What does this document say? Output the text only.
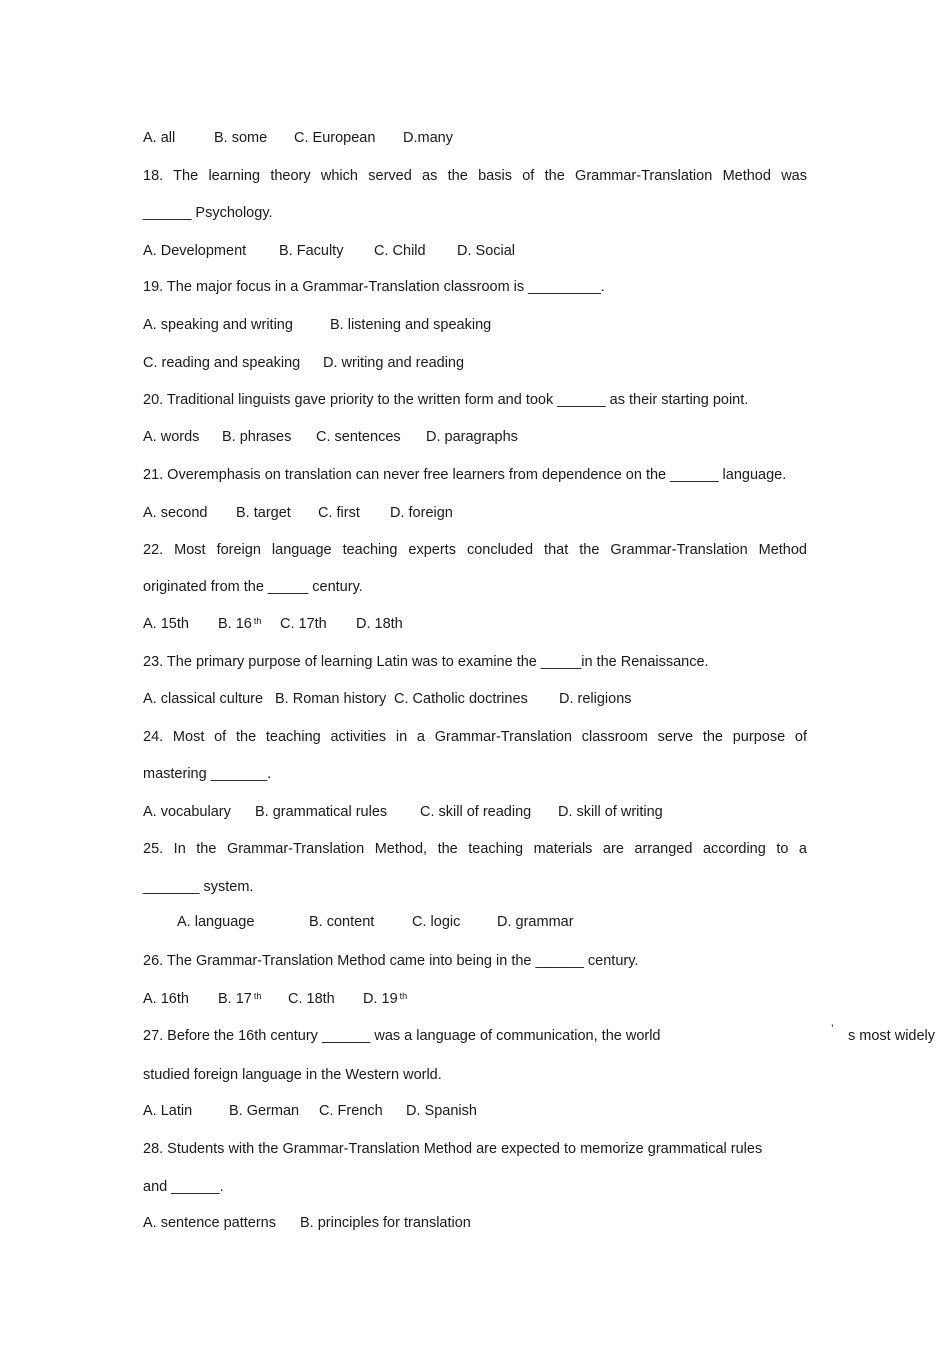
A. all	B. some C. European D.many
18. The learning theory which served as the basis of the Grammar-Translation Method was
______ Psychology.
A. Development B. Faculty C. Child D. Social
19. The major focus in a Grammar-Translation classroom is _________.
A. speaking and writing	B. listening and speaking
C. reading and speaking D. writing and reading
20. Traditional linguists gave priority to the written form and took ______ as their starting point.
A. words B. phrases C. sentences D. paragraphs
21. Overemphasis on translation can never free learners from dependence on the ______ language.
A. second B. target C. first D. foreign
22. Most foreign language teaching experts concluded that the Grammar-Translation Method
originated from the _____ century.
A. 15th B. 16 $^{th}$ C. 17th D. 18th
23. The primary purpose of learning Latin was to examine the _____in the Renaissance.
A. classical culture B. Roman history C. Catholic doctrines D. religions
24. Most of the teaching activities in a Grammar-Translation classroom serve the purpose of
mastering _______.
A. vocabulary B. grammatical rules C. skill of reading D. skill of writing
25. In the Grammar-Translation Method, the teaching materials are arranged according to a
_______ system.
A. language	B. content	C. logic	D. grammar
26. The Grammar-Translation Method came into being in the ______ century.
A. 16th B. 17 $^{th}$ C. 18th D. 19 $^{th}$
27. Before the 16th century ______ was a language of communication, the world	’ s most widely
studied foreign language in the Western world.
A. Latin	B. German C. French D. Spanish
28. Students with the Grammar-Translation Method are expected to memorize grammatical rules
and ______.
A. sentence patterns B. principles for translation
